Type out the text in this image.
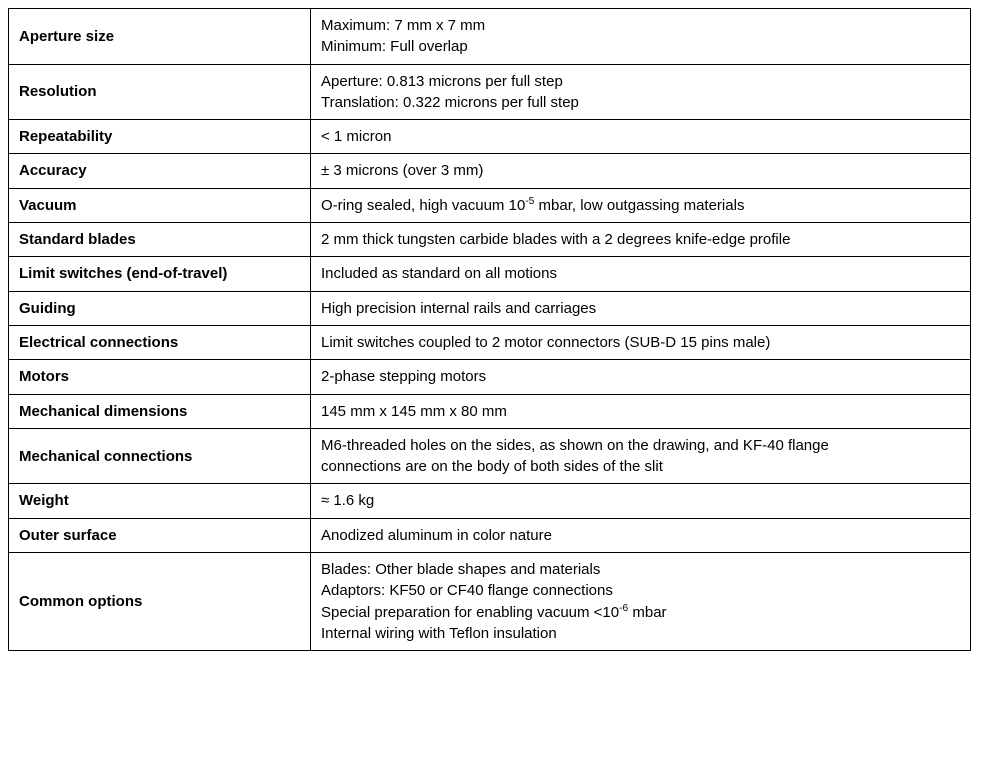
Aperture size	Maximum: 7 mm x 7 mm
Minimum: Full overlap

Resolution	Aperture: 0.813 microns per full step
Translation: 0.322 microns per full step

Repeatability	< 1 micron

Accuracy	± 3 microns (over 3 mm)

Vacuum	O-ring sealed, high vacuum $10^{-5}$ mbar, low outgassing materials

Standard blades	2 mm thick tungsten carbide blades with a 2 degrees knife-edge profile

Limit switches (end-of-travel)	Included as standard on all motions

Guiding	High precision internal rails and carriages

Electrical connections	Limit switches coupled to 2 motor connectors (SUB-D 15 pins male)

Motors	2-phase stepping motors

Mechanical dimensions	145 mm x 145 mm x 80 mm

Mechanical connections	M6-threaded holes on the sides, as shown on the drawing, and KF-40 flange
connections are on the body of both sides of the slit

Weight	≈ 1.6 kg

Outer surface	Anodized aluminum in color nature

Common options	Blades: Other blade shapes and materials
Adaptors: KF50 or CF40 flange connections
Special preparation for enabling vacuum $<10^{-6}$ mbar
Internal wiring with Teflon insulation
